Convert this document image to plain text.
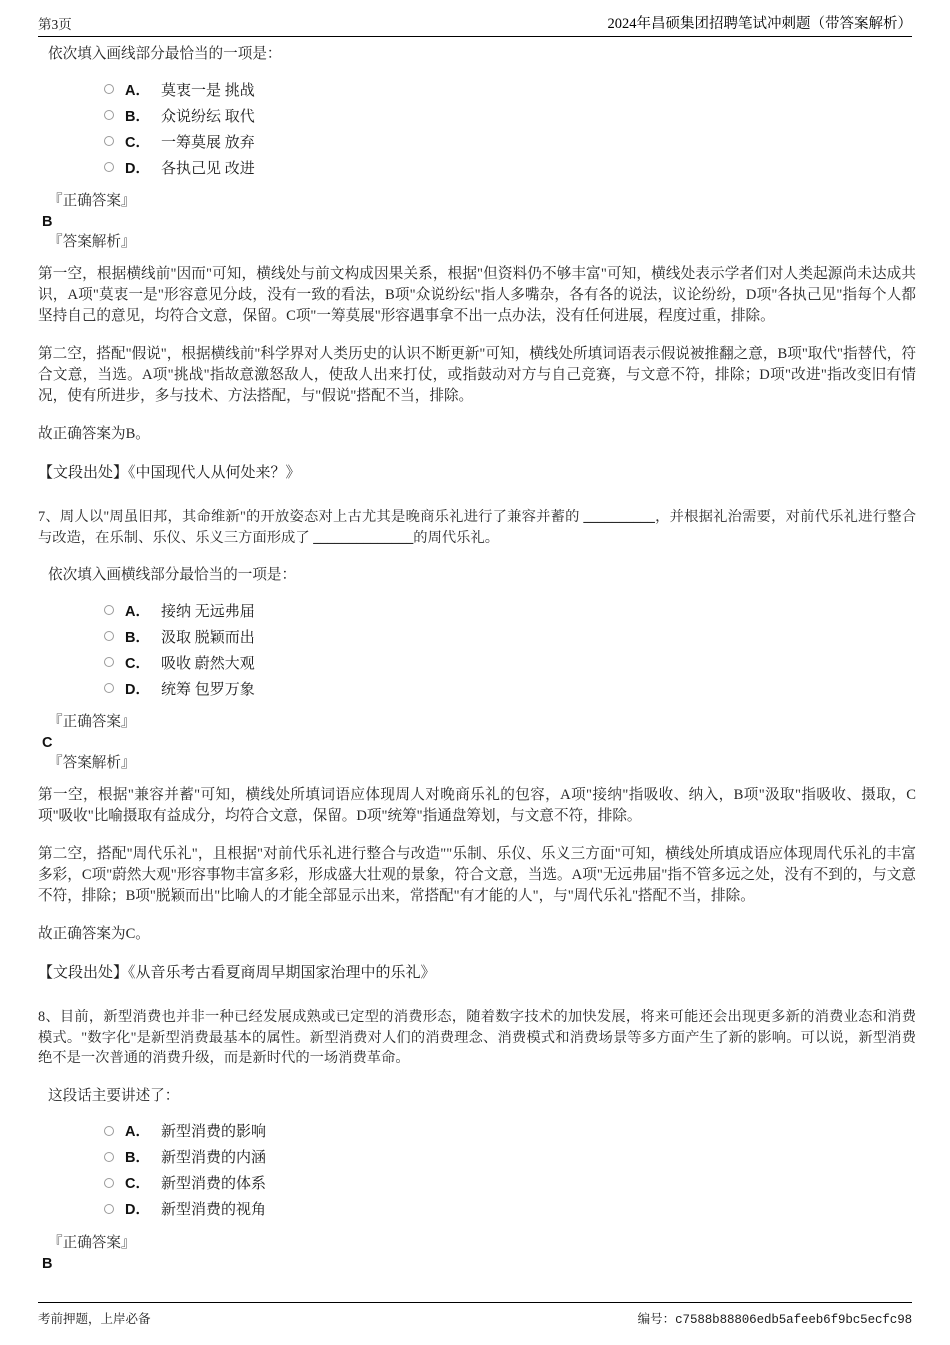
第3页	2024年昌硕集团招聘笔试冲刺题（带答案解析）

依次填入画线部分最恰当的一项是：

A． 莫衷一是 挑战
B． 众说纷纭 取代
C． 一筹莫展 放弃
D． 各执己见 改进

『正确答案』

B

『答案解析』

第一空，根据横线前"因而"可知，横线处与前文构成因果关系，根据"但资料仍不够丰富"可知，横线处表示学者们对人类起源尚未达成共识，A项"莫衷一是"形容意见分歧，没有一致的看法，B项"众说纷纭"指人多嘴杂，各有各的说法，议论纷纷，D项"各执己见"指每个人都坚持自己的意见，均符合文意，保留。C项"一筹莫展"形容遇事拿不出一点办法，没有任何进展，程度过重，排除。

第二空，搭配"假说"，根据横线前"科学界对人类历史的认识不断更新"可知，横线处所填词语表示假说被推翻之意，B项"取代"指替代，符合文意，当选。A项"挑战"指故意激怒敌人，使敌人出来打仗，或指鼓动对方与自己竞赛，与文意不符，排除；D项"改进"指改变旧有情况，使有所进步，多与技术、方法搭配，与"假说"搭配不当，排除。

故正确答案为B。

【文段出处】《中国现代人从何处来？》

7、周人以"周虽旧邦，其命维新"的开放姿态对上古尤其是晚商乐礼进行了兼容并蓄的 __________，并根据礼治需要，对前代乐礼进行整合与改造，在乐制、乐仪、乐义三方面形成了 ______________的周代乐礼。

依次填入画横线部分最恰当的一项是：

A． 接纳 无远弗届
B． 汲取 脱颖而出
C． 吸收 蔚然大观
D． 统筹 包罗万象

『正确答案』

C

『答案解析』

第一空，根据"兼容并蓄"可知，横线处所填词语应体现周人对晚商乐礼的包容，A项"接纳"指吸收、纳入，B项"汲取"指吸收、摄取，C项"吸收"比喻摄取有益成分，均符合文意，保留。D项"统筹"指通盘筹划，与文意不符，排除。

第二空，搭配"周代乐礼"，且根据"对前代乐礼进行整合与改造""乐制、乐仪、乐义三方面"可知，横线处所填成语应体现周代乐礼的丰富多彩，C项"蔚然大观"形容事物丰富多彩，形成盛大壮观的景象，符合文意，当选。A项"无远弗届"指不管多远之处，没有不到的，与文意不符，排除；B项"脱颖而出"比喻人的才能全部显示出来，常搭配"有才能的人"，与"周代乐礼"搭配不当，排除。

故正确答案为C。

【文段出处】《从音乐考古看夏商周早期国家治理中的乐礼》

8、目前，新型消费也并非一种已经发展成熟或已定型的消费形态，随着数字技术的加快发展，将来可能还会出现更多新的消费业态和消费模式。"数字化"是新型消费最基本的属性。新型消费对人们的消费理念、消费模式和消费场景等多方面产生了新的影响。可以说，新型消费绝不是一次普通的消费升级，而是新时代的一场消费革命。

这段话主要讲述了：

A． 新型消费的影响
B． 新型消费的内涵
C． 新型消费的体系
D． 新型消费的视角

『正确答案』

B

考前押题，上岸必备	编号：c7588b88806edb5afeeb6f9bc5ecfc98
